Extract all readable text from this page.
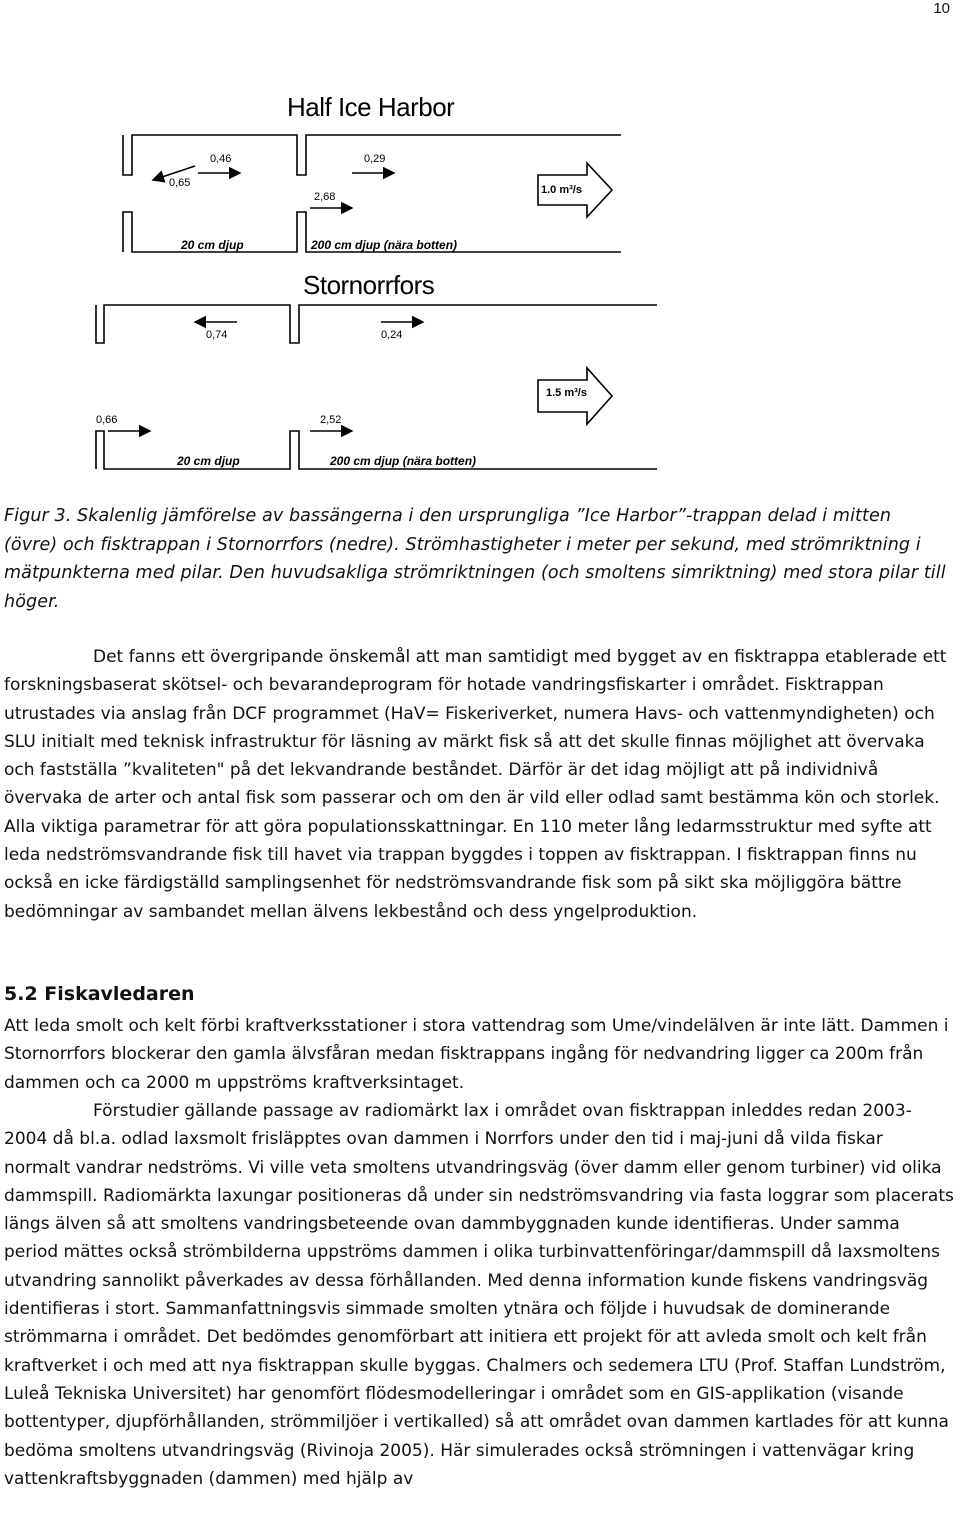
10
Half Ice Harbor
0,46	0,29
0,65
2,68
1.0 m³/s
20 cm djup	200 cm djup (nära botten)
Stornorrfors
0,74	0,24
0,66	2,52
1.5 m³/s
20 cm djup	200 cm djup (nära botten)

Figur 3. Skalenlig jämförelse av bassängerna i den ursprungliga ”Ice Harbor”-trappan delad i mitten (övre) och fisktrappan i Stornorrfors (nedre). Strömhastigheter i meter per sekund, med strömriktning i mätpunkterna med pilar. Den huvudsakliga strömriktningen (och smoltens simriktning) med stora pilar till höger.

Det fanns ett övergripande önskemål att man samtidigt med bygget av en fisktrappa etablerade ett forskningsbaserat skötsel- och bevarandeprogram för hotade vandringsfiskarter i området. Fisktrappan utrustades via anslag från DCF programmet (HaV= Fiskeriverket, numera Havs- och vattenmyndigheten) och SLU initialt med teknisk infrastruktur för läsning av märkt fisk så att det skulle finnas möjlighet att övervaka och fastställa ”kvaliteten" på det lekvandrande beståndet. Därför är det idag möjligt att på individnivå övervaka de arter och antal fisk som passerar och om den är vild eller odlad samt bestämma kön och storlek. Alla viktiga parametrar för att göra populationsskattningar. En 110 meter lång ledarmsstruktur med syfte att leda nedströmsvandrande fisk till havet via trappan byggdes i toppen av fisktrappan. I fisktrappan finns nu också en icke färdigställd samplingsenhet för nedströmsvandrande fisk som på sikt ska möjliggöra bättre bedömningar av sambandet mellan älvens lekbestånd och dess yngelproduktion.

5.2 Fiskavledaren

Att leda smolt och kelt förbi kraftverksstationer i stora vattendrag som Ume/vindelälven är inte lätt. Dammen i Stornorrfors blockerar den gamla älvsfåran medan fisktrappans ingång för nedvandring ligger ca 200m från dammen och ca 2000 m uppströms kraftverksintaget.

Förstudier gällande passage av radiomärkt lax i området ovan fisktrappan inleddes redan 2003-2004 då bl.a. odlad laxsmolt frisläpptes ovan dammen i Norrfors under den tid i maj-juni då vilda fiskar normalt vandrar nedströms. Vi ville veta smoltens utvandringsväg (över damm eller genom turbiner) vid olika dammspill. Radiomärkta laxungar positioneras då under sin nedströmsvandring via fasta loggrar som placerats längs älven så att smoltens vandringsbeteende ovan dammbyggnaden kunde identifieras. Under samma period mättes också strömbilderna uppströms dammen i olika turbinvattenföringar/dammspill då laxsmoltens utvandring sannolikt påverkades av dessa förhållanden. Med denna information kunde fiskens vandringsväg identifieras i stort. Sammanfattningsvis simmade smolten ytnära och följde i huvudsak de dominerande strömmarna i området. Det bedömdes genomförbart att initiera ett projekt för att avleda smolt och kelt från kraftverket i och med att nya fisktrappan skulle byggas. Chalmers och sedemera LTU (Prof. Staffan Lundström, Luleå Tekniska Universitet) har genomfört flödesmodelleringar i området som en GIS-applikation (visande bottentyper, djupförhållanden, strömmiljöer i vertikalled) så att området ovan dammen kartlades för att kunna bedöma smoltens utvandringsväg (Rivinoja 2005). Här simulerades också strömningen i vattenvägar kring vattenkraftsbyggnaden (dammen) med hjälp av
